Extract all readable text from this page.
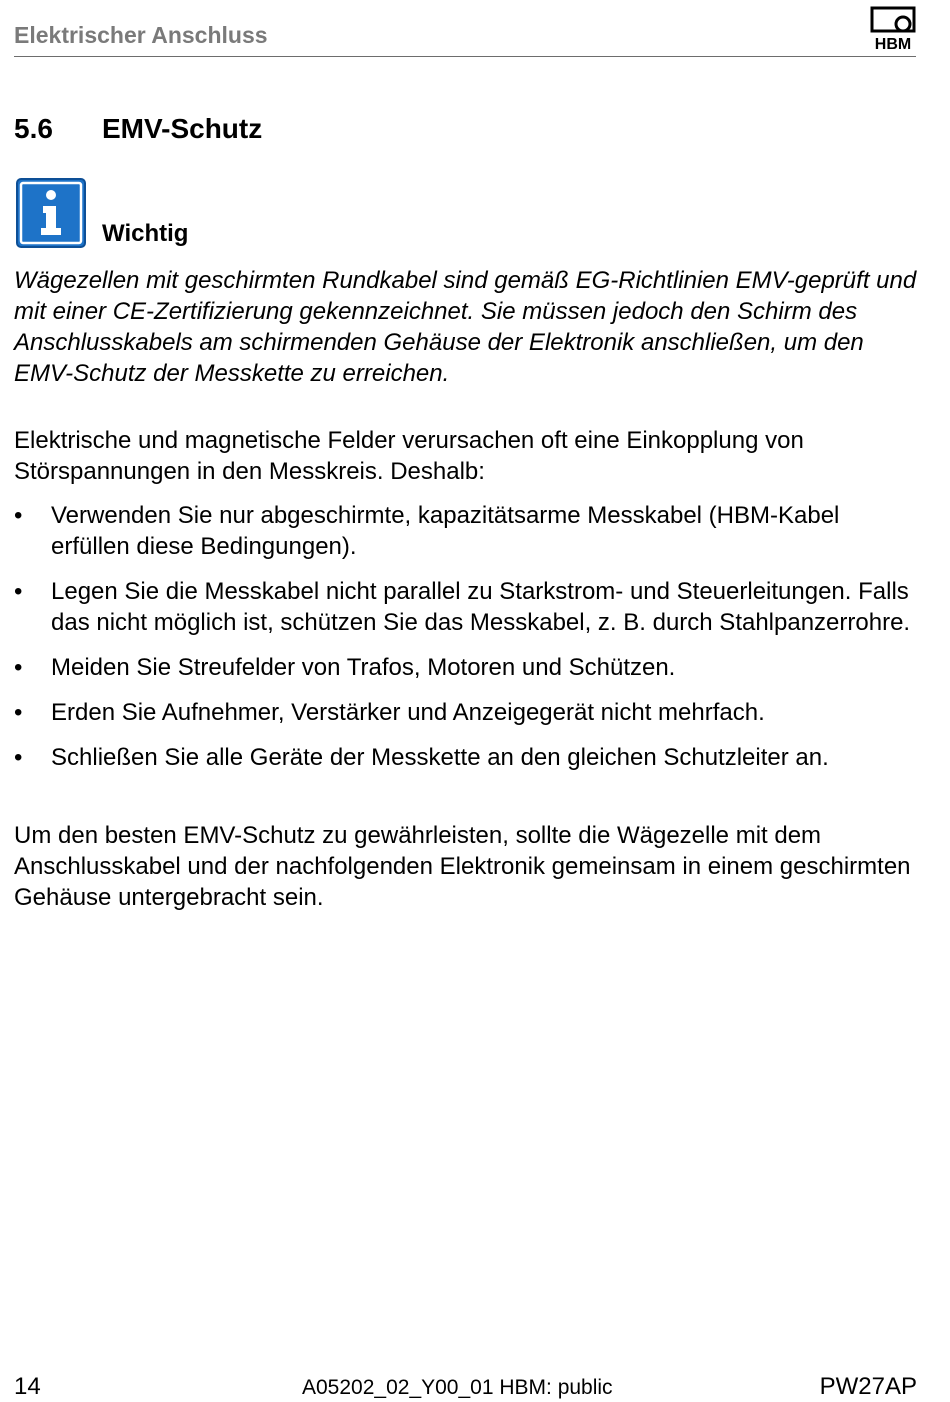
Elektrischer Anschluss	HBM
5.6 EMV-Schutz
Wichtig

Wägezellen mit geschirmten Rundkabel sind gemäß EG-Richtlinien EMV-geprüft und mit einer CE-Zertifizierung gekennzeichnet. Sie müssen jedoch den Schirm des Anschlusskabels am schirmenden Gehäuse der Elektronik anschließen, um den EMV-Schutz der Messkette zu erreichen.

Elektrische und magnetische Felder verursachen oft eine Einkopplung von Störspannungen in den Messkreis. Deshalb:

• Verwenden Sie nur abgeschirmte, kapazitätsarme Messkabel (HBM-Kabel erfüllen diese Bedingungen).
• Legen Sie die Messkabel nicht parallel zu Starkstrom- und Steuerleitungen. Falls das nicht möglich ist, schützen Sie das Messkabel, z. B. durch Stahlpanzerrohre.
• Meiden Sie Streufelder von Trafos, Motoren und Schützen.
• Erden Sie Aufnehmer, Verstärker und Anzeigegerät nicht mehrfach.
• Schließen Sie alle Geräte der Messkette an den gleichen Schutzleiter an.

Um den besten EMV-Schutz zu gewährleisten, sollte die Wägezelle mit dem Anschlusskabel und der nachfolgenden Elektronik gemeinsam in einem geschirmten Gehäuse untergebracht sein.

14	A05202_02_Y00_01 HBM: public	PW27AP
